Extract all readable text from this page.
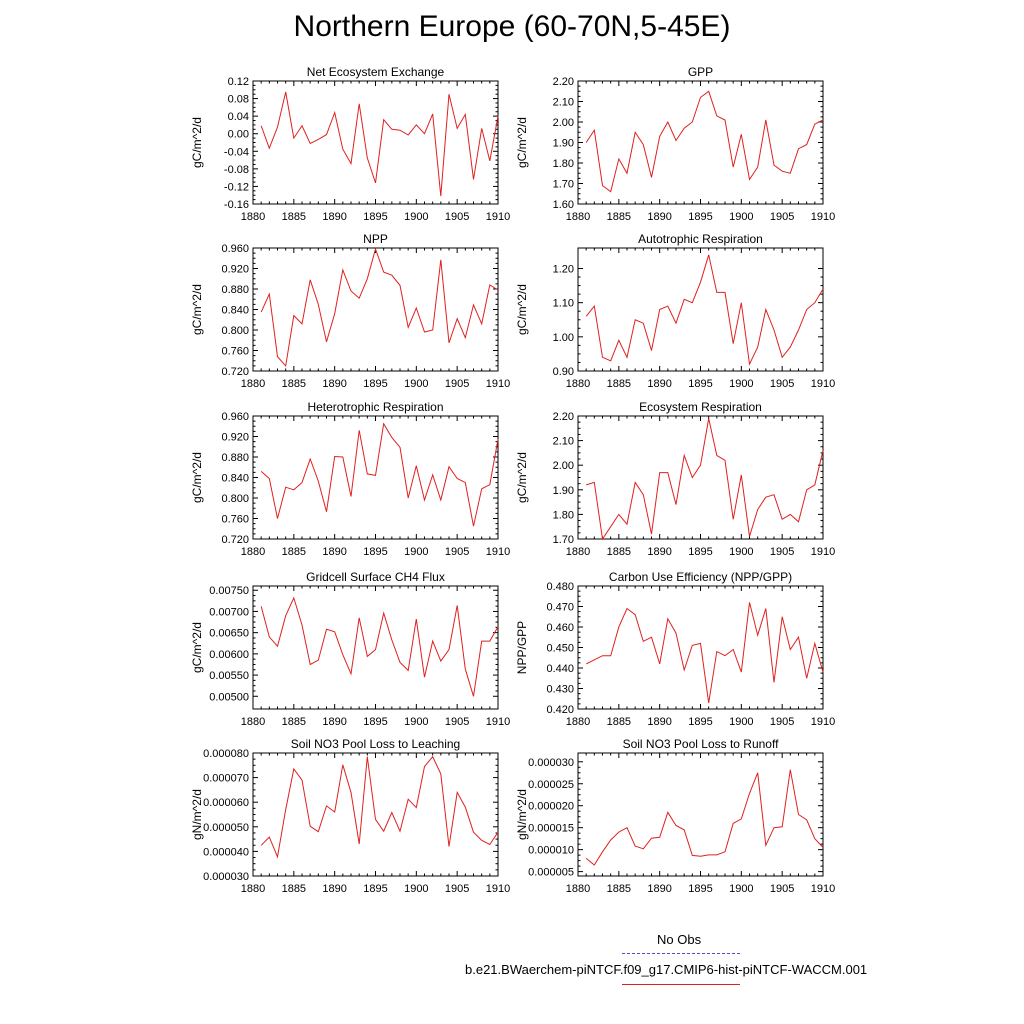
Northern Europe (60-70N,5-45E)
Net Ecosystem Exchange
gC/m^2/d
1880 1885 1890 1895 1900 1905 1910
-0.16
-0.12
-0.08
-0.04
0.00
0.04
0.08
0.12
GPP
gC/m^2/d
1880 1885 1890 1895 1900 1905 1910
1.60
1.70
1.80
1.90
2.00
2.10
2.20
NPP
gC/m^2/d
1880 1885 1890 1895 1900 1905 1910
0.720
0.760
0.800
0.840
0.880
0.920
0.960
Autotrophic Respiration
gC/m^2/d
1880 1885 1890 1895 1900 1905 1910
0.90
1.00
1.10
1.20
Heterotrophic Respiration
gC/m^2/d
1880 1885 1890 1895 1900 1905 1910
0.720
0.760
0.800
0.840
0.880
0.920
0.960
Ecosystem Respiration
gC/m^2/d
1880 1885 1890 1895 1900 1905 1910
1.70
1.80
1.90
2.00
2.10
2.20
Gridcell Surface CH4 Flux
gC/m^2/d
1880 1885 1890 1895 1900 1905 1910
0.00500
0.00550
0.00600
0.00650
0.00700
0.00750
Carbon Use Efficiency (NPP/GPP)
NPP/GPP
1880 1885 1890 1895 1900 1905 1910
0.420
0.430
0.440
0.450
0.460
0.470
0.480
Soil NO3 Pool Loss to Leaching
gN/m^2/d
1880 1885 1890 1895 1900 1905 1910
0.000030
0.000040
0.000050
0.000060
0.000070
0.000080
Soil NO3 Pool Loss to Runoff
gN/m^2/d
1880 1885 1890 1895 1900 1905 1910
0.000005
0.000010
0.000015
0.000020
0.000025
0.000030
No Obs
b.e21.BWaerchem-piNTCF.f09_g17.CMIP6-hist-piNTCF-WACCM.001
